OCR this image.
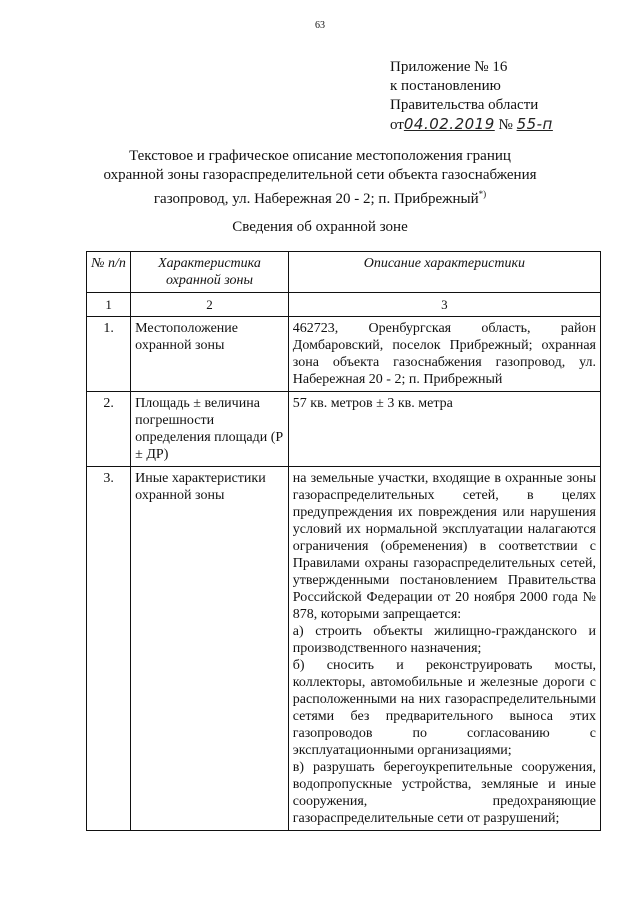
63
Приложение № 16
к постановлению
Правительства области
от04.02.2019 № 55-п
Текстовое и графическое описание местоположения границ
охранной зоны газораспределительной сети объекта газоснабжения
газопровод, ул. Набережная 20 - 2; п. Прибрежный*)
Сведения об охранной зоне
№ п/п	Характеристика охранной зоны	Описание характеристики
1	2	3
1.	Местоположение охранной зоны	462723, Оренбургская область, район Домбаровский, поселок Прибрежный; охранная зона объекта газоснабжения газопровод, ул. Набережная 20 - 2; п. Прибрежный
2.	Площадь ± величина погрешности определения площади (P ± ДР)	57 кв. метров ± 3 кв. метра
3.	Иные характеристики охранной зоны	на земельные участки, входящие в охранные зоны газораспределительных сетей, в целях предупреждения их повреждения или нарушения условий их нормальной эксплуатации налагаются ограничения (обременения) в соответствии с Правилами охраны газораспределительных сетей, утвержденными постановлением Правительства Российской Федерации от 20 ноября 2000 года № 878, которыми запрещается:
а) строить объекты жилищно-гражданского и производственного назначения;
б) сносить и реконструировать мосты, коллекторы, автомобильные и железные дороги с расположенными на них газораспределительными сетями без предварительного выноса этих газопроводов по согласованию с эксплуатационными организациями;
в) разрушать берегоукрепительные сооружения, водопропускные устройства, земляные и иные сооружения, предохраняющие газораспределительные сети от разрушений;
